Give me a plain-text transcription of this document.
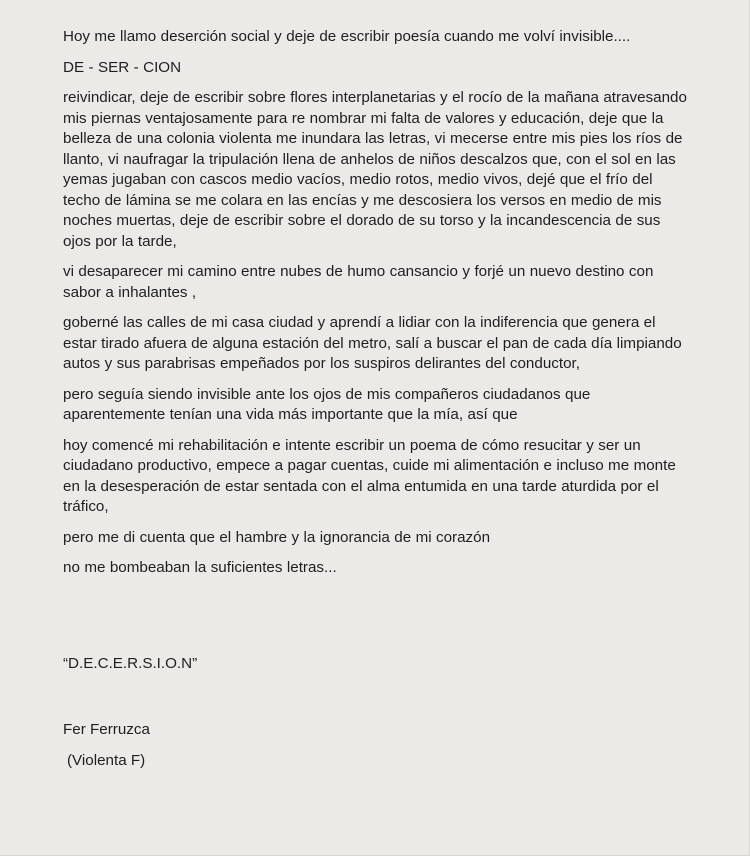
Hoy me llamo deserción social y deje de escribir poesía cuando me volví invisible....

DE - SER - CION

reivindicar, deje de escribir sobre flores interplanetarias y el rocío de la mañana atravesando mis piernas ventajosamente para re nombrar mi falta de valores y educación, deje que la belleza de una colonia violenta me inundara las letras, vi mecerse entre mis pies los ríos de llanto, vi naufragar la tripulación llena de anhelos de niños descalzos que, con el sol en las yemas jugaban con cascos medio vacíos, medio rotos, medio vivos, dejé que el frío del techo de lámina se me colara en las encías y me descosiera los versos en medio de mis noches muertas, deje de escribir sobre el dorado de su torso y la incandescencia de sus ojos por la tarde,

vi desaparecer mi camino entre nubes de humo cansancio y forjé un nuevo destino con sabor a inhalantes ,

goberné las calles de mi casa ciudad y aprendí a lidiar con la indiferencia que genera el estar tirado afuera de alguna estación del metro, salí a buscar el pan de cada día limpiando autos y sus parabrisas empeñados por los suspiros delirantes del conductor,

pero seguía siendo invisible ante los ojos de mis compañeros ciudadanos que aparentemente tenían una vida más importante que la mía, así que

hoy comencé mi rehabilitación e intente escribir un poema de cómo resucitar y ser un ciudadano productivo, empece a pagar cuentas, cuide mi alimentación e incluso me monte en la desesperación de estar sentada con el alma entumida en una tarde aturdida por el tráfico,

pero me di cuenta que el hambre y la ignorancia de mi corazón

no me bombeaban la suficientes letras...

“D.E.C.E.R.S.I.O.N”

Fer Ferruzca

(Violenta F)
